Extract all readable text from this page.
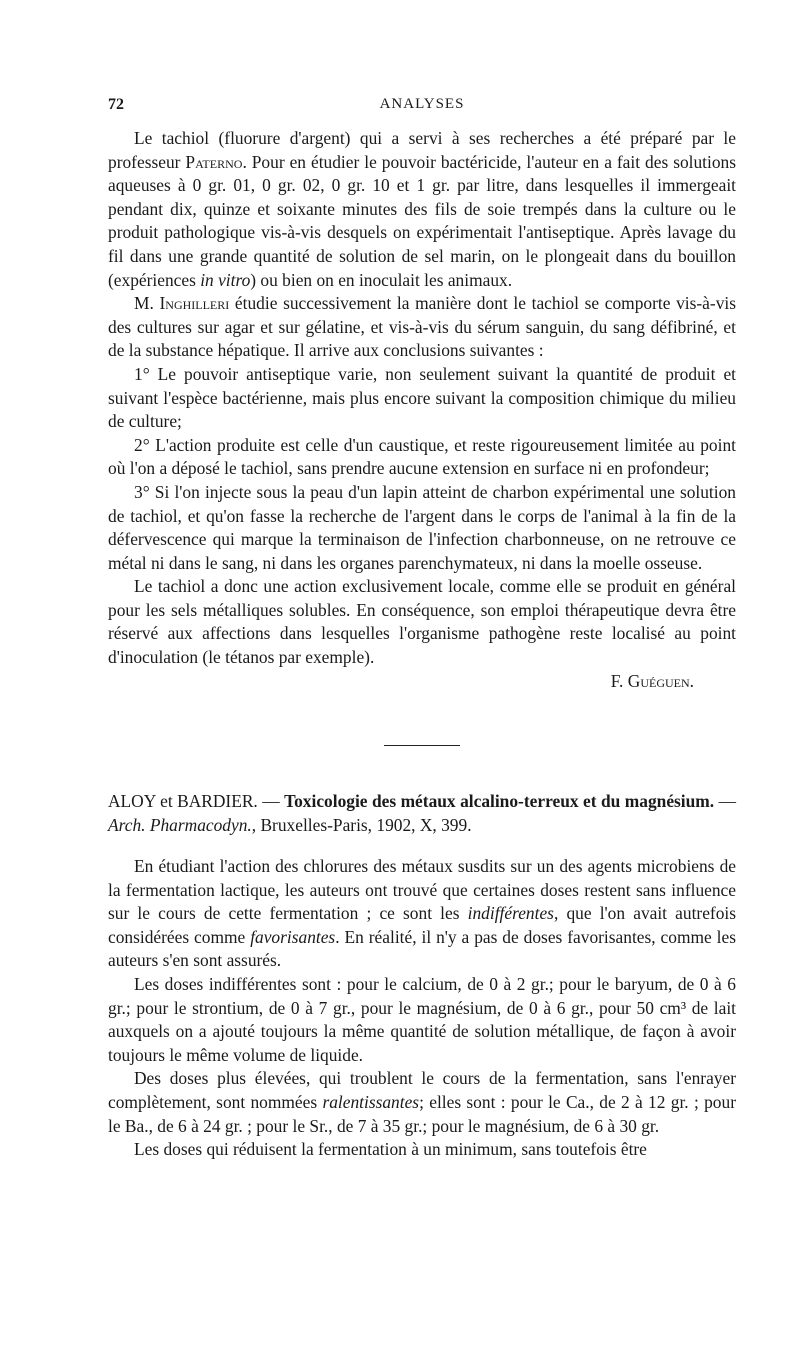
72	ANALYSES

Le tachiol (fluorure d'argent) qui a servi à ses recherches a été préparé par le professeur Paterno. Pour en étudier le pouvoir bactéricide, l'auteur en a fait des solutions aqueuses à 0 gr. 01, 0 gr. 02, 0 gr. 10 et 1 gr. par litre, dans lesquelles il immergeait pendant dix, quinze et soixante minutes des fils de soie trempés dans la culture ou le produit pathologique vis-à-vis desquels on expérimentait l'antiseptique. Après lavage du fil dans une grande quantité de solution de sel marin, on le plongeait dans du bouillon (expériences in vitro) ou bien on en inoculait les animaux.

M. Inghilleri étudie successivement la manière dont le tachiol se comporte vis-à-vis des cultures sur agar et sur gélatine, et vis-à-vis du sérum sanguin, du sang défibriné, et de la substance hépatique. Il arrive aux conclusions suivantes :

1° Le pouvoir antiseptique varie, non seulement suivant la quantité de produit et suivant l'espèce bactérienne, mais plus encore suivant la composition chimique du milieu de culture;

2° L'action produite est celle d'un caustique, et reste rigoureusement limitée au point où l'on a déposé le tachiol, sans prendre aucune extension en surface ni en profondeur;

3° Si l'on injecte sous la peau d'un lapin atteint de charbon expérimental une solution de tachiol, et qu'on fasse la recherche de l'argent dans le corps de l'animal à la fin de la défervescence qui marque la terminaison de l'infection charbonneuse, on ne retrouve ce métal ni dans le sang, ni dans les organes parenchymateux, ni dans la moelle osseuse.

Le tachiol a donc une action exclusivement locale, comme elle se produit en général pour les sels métalliques solubles. En conséquence, son emploi thérapeutique devra être réservé aux affections dans lesquelles l'organisme pathogène reste localisé au point d'inoculation (le tétanos par exemple).

F. Guéguen.

ALOY et BARDIER. — Toxicologie des métaux alcalino-terreux et du magnésium. — Arch. Pharmacodyn., Bruxelles-Paris, 1902, X, 399.

En étudiant l'action des chlorures des métaux susdits sur un des agents microbiens de la fermentation lactique, les auteurs ont trouvé que certaines doses restent sans influence sur le cours de cette fermentation ; ce sont les indifférentes, que l'on avait autrefois considérées comme favorisantes. En réalité, il n'y a pas de doses favorisantes, comme les auteurs s'en sont assurés.

Les doses indifférentes sont : pour le calcium, de 0 à 2 gr.; pour le baryum, de 0 à 6 gr.; pour le strontium, de 0 à 7 gr., pour le magnésium, de 0 à 6 gr., pour 50 cm³ de lait auxquels on a ajouté toujours la même quantité de solution métallique, de façon à avoir toujours le même volume de liquide.

Des doses plus élevées, qui troublent le cours de la fermentation, sans l'enrayer complètement, sont nommées ralentissantes; elles sont : pour le Ca., de 2 à 12 gr. ; pour le Ba., de 6 à 24 gr. ; pour le Sr., de 7 à 35 gr.; pour le magnésium, de 6 à 30 gr.

Les doses qui réduisent la fermentation à un minimum, sans toutefois être
